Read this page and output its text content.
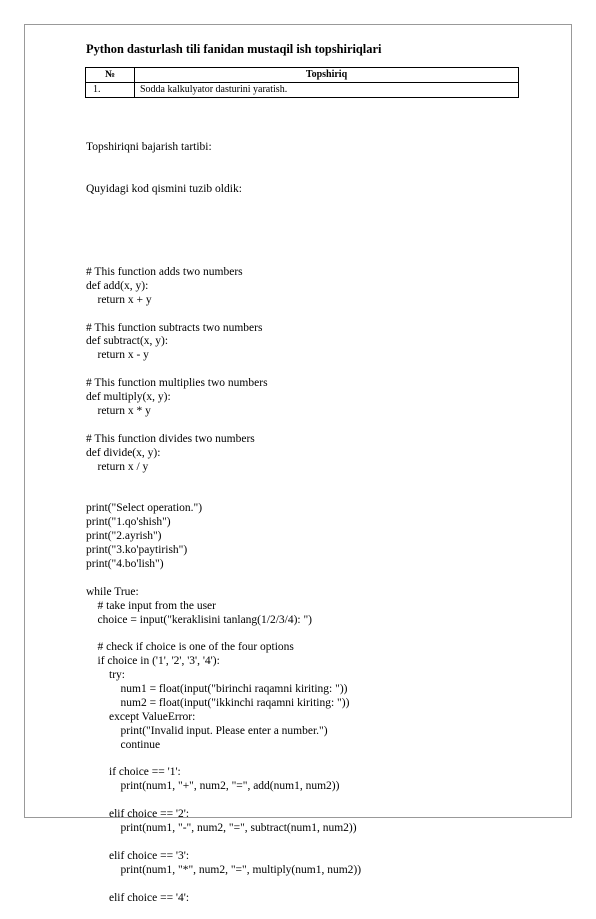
Python dasturlash tili fanidan mustaqil ish topshiriqlari
№	Topshiriq
1.	Sodda kalkulyator dasturini yaratish.

Topshiriqni bajarish tartibi:

Quyidagi kod qismini tuzib oldik:

# This function adds two numbers
def add(x, y):
return x + y
# This function subtracts two numbers
def subtract(x, y):
return x - y
# This function multiplies two numbers
def multiply(x, y):
return x * y
# This function divides two numbers
def divide(x, y):
return x / y
print("Select operation.")
print("1.qo'shish")
print("2.ayrish")
print("3.ko'paytirish")
print("4.bo'lish")
while True:
# take input from the user
choice = input("keraklisini tanlang(1/2/3/4): ")
# check if choice is one of the four options
if choice in ('1', '2', '3', '4'):
try:
num1 = float(input("birinchi raqamni kiriting: "))
num2 = float(input("ikkinchi raqamni kiriting: "))
except ValueError:
print("Invalid input. Please enter a number.")
continue
if choice == '1':
print(num1, "+", num2, "=", add(num1, num2))
elif choice == '2':
print(num1, "-", num2, "=", subtract(num1, num2))
elif choice == '3':
print(num1, "*", num2, "=", multiply(num1, num2))
elif choice == '4':
